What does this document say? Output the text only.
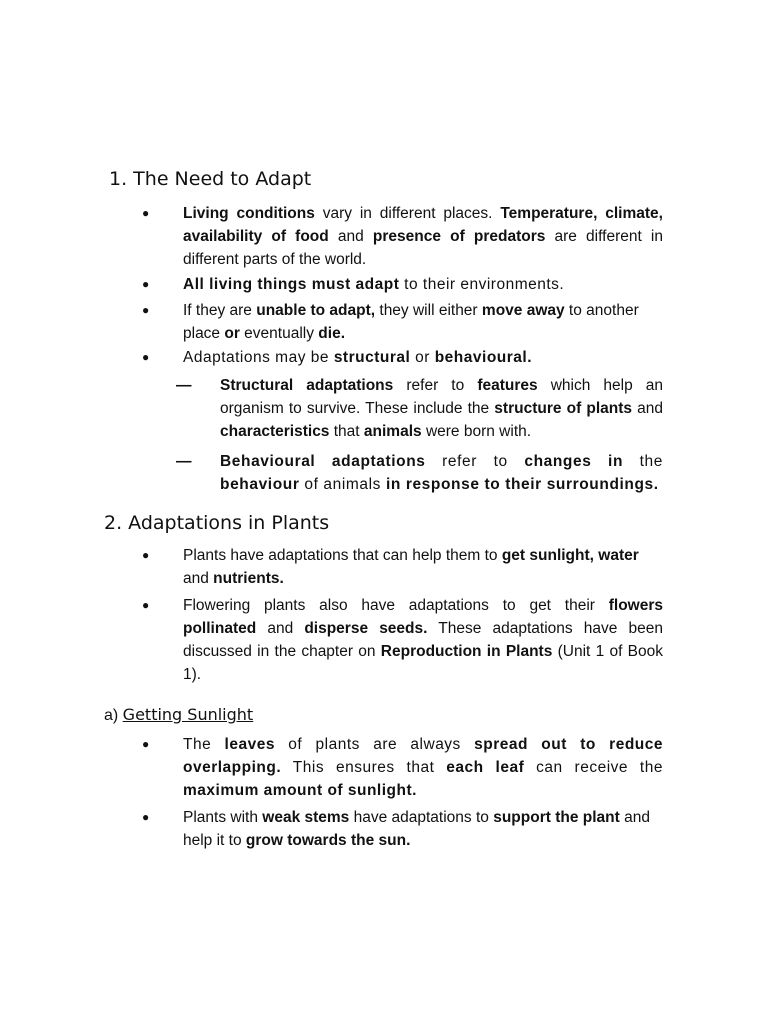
1. The Need to Adapt

● Living conditions vary in different places. Temperature, climate, availability of food and presence of predators are different in different parts of the world.

● All living things must adapt to their environments.

● If they are unable to adapt, they will either move away to another place or eventually die.

● Adaptations may be structural or behavioural.

— Structural adaptations refer to features which help an organism to survive. These include the structure of plants and characteristics that animals were born with.

— Behavioural adaptations refer to changes in the behaviour of animals in response to their surroundings.

2. Adaptations in Plants

● Plants have adaptations that can help them to get sunlight, water and nutrients.

● Flowering plants also have adaptations to get their flowers pollinated and disperse seeds. These adaptations have been discussed in the chapter on Reproduction in Plants (Unit 1 of Book 1).

a) Getting Sunlight

● The leaves of plants are always spread out to reduce overlapping. This ensures that each leaf can receive the maximum amount of sunlight.

● Plants with weak stems have adaptations to support the plant and help it to grow towards the sun.
